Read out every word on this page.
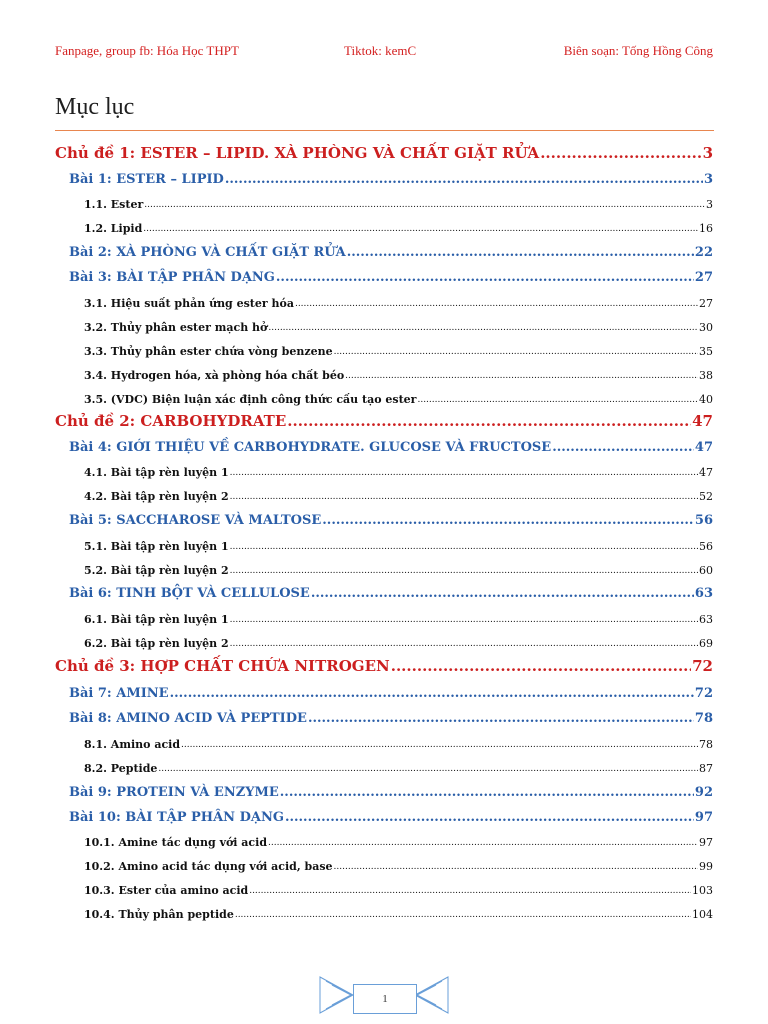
Fanpage, group fb: Hóa Học THPT	Tiktok: kemC	Biên soạn: Tống Hồng Công
Mục lục
Chủ đề 1: ESTER – LIPID. XÀ PHÒNG VÀ CHẤT GIẶT RỬA .....	3
Bài 1: ESTER – LIPID .....	3
1.1. Ester .....	3
1.2. Lipid .....	16
Bài 2: XÀ PHÒNG VÀ CHẤT GIẶT RỬA .....	22
Bài 3: BÀI TẬP PHÂN DẠNG .....	27
3.1. Hiệu suất phản ứng ester hóa .....	27
3.2. Thủy phân ester mạch hở .....	30
3.3. Thủy phân ester chứa vòng benzene .....	35
3.4. Hydrogen hóa, xà phòng hóa chất béo .....	38
3.5. (VDC) Biện luận xác định công thức cấu tạo ester .....	40
Chủ đề 2: CARBOHYDRATE .....	47
Bài 4: GIỚI THIỆU VỀ CARBOHYDRATE. GLUCOSE VÀ FRUCTOSE .....	47
4.1. Bài tập rèn luyện 1 .....	47
4.2. Bài tập rèn luyện 2 .....	52
Bài 5: SACCHAROSE VÀ MALTOSE .....	56
5.1. Bài tập rèn luyện 1 .....	56
5.2. Bài tập rèn luyện 2 .....	60
Bài 6: TINH BỘT VÀ CELLULOSE .....	63
6.1. Bài tập rèn luyện 1 .....	63
6.2. Bài tập rèn luyện 2 .....	69
Chủ đề 3: HỢP CHẤT CHỨA NITROGEN .....	72
Bài 7: AMINE .....	72
Bài 8: AMINO ACID VÀ PEPTIDE .....	78
8.1. Amino acid .....	78
8.2. Peptide .....	87
Bài 9: PROTEIN VÀ ENZYME .....	92
Bài 10: BÀI TẬP PHÂN DẠNG .....	97
10.1. Amine tác dụng với acid .....	97
10.2. Amino acid tác dụng với acid, base .....	99
10.3. Ester của amino acid .....	103
10.4. Thủy phân peptide .....	104
1
